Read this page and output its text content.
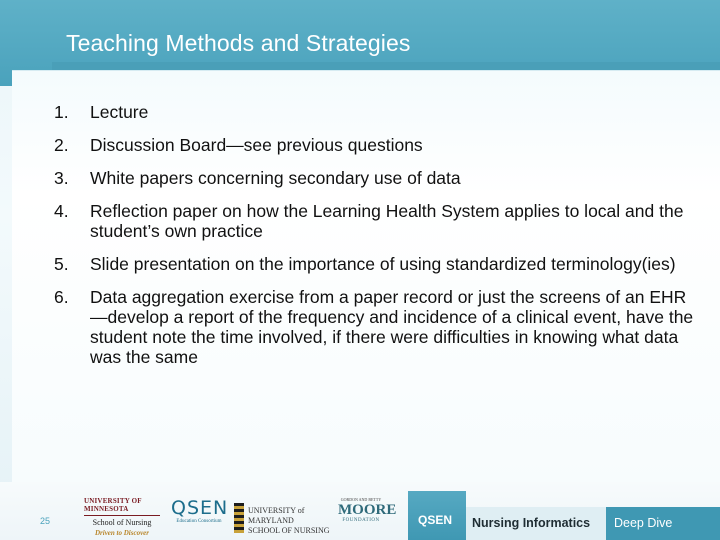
Teaching Methods and Strategies
1. Lecture
2. Discussion Board—see previous questions
3. White papers concerning secondary use of data
4. Reflection paper on how the Learning Health System applies to local and the student’s own practice
5. Slide presentation on the importance of using standardized terminology(ies)
6. Data aggregation exercise from a paper record or just the screens of an EHR—develop a report of the frequency and incidence of a clinical event, have the student note the time involved, if there were difficulties in knowing what data was the same
25
UNIVERSITY OF MINNESOTA
School of Nursing
Driven to Discover
QSEN
Education Consortium
UNIVERSITY of MARYLAND
SCHOOL OF NURSING
GORDON AND BETTY
MOORE
FOUNDATION	QSEN Nursing Informatics Deep Dive
